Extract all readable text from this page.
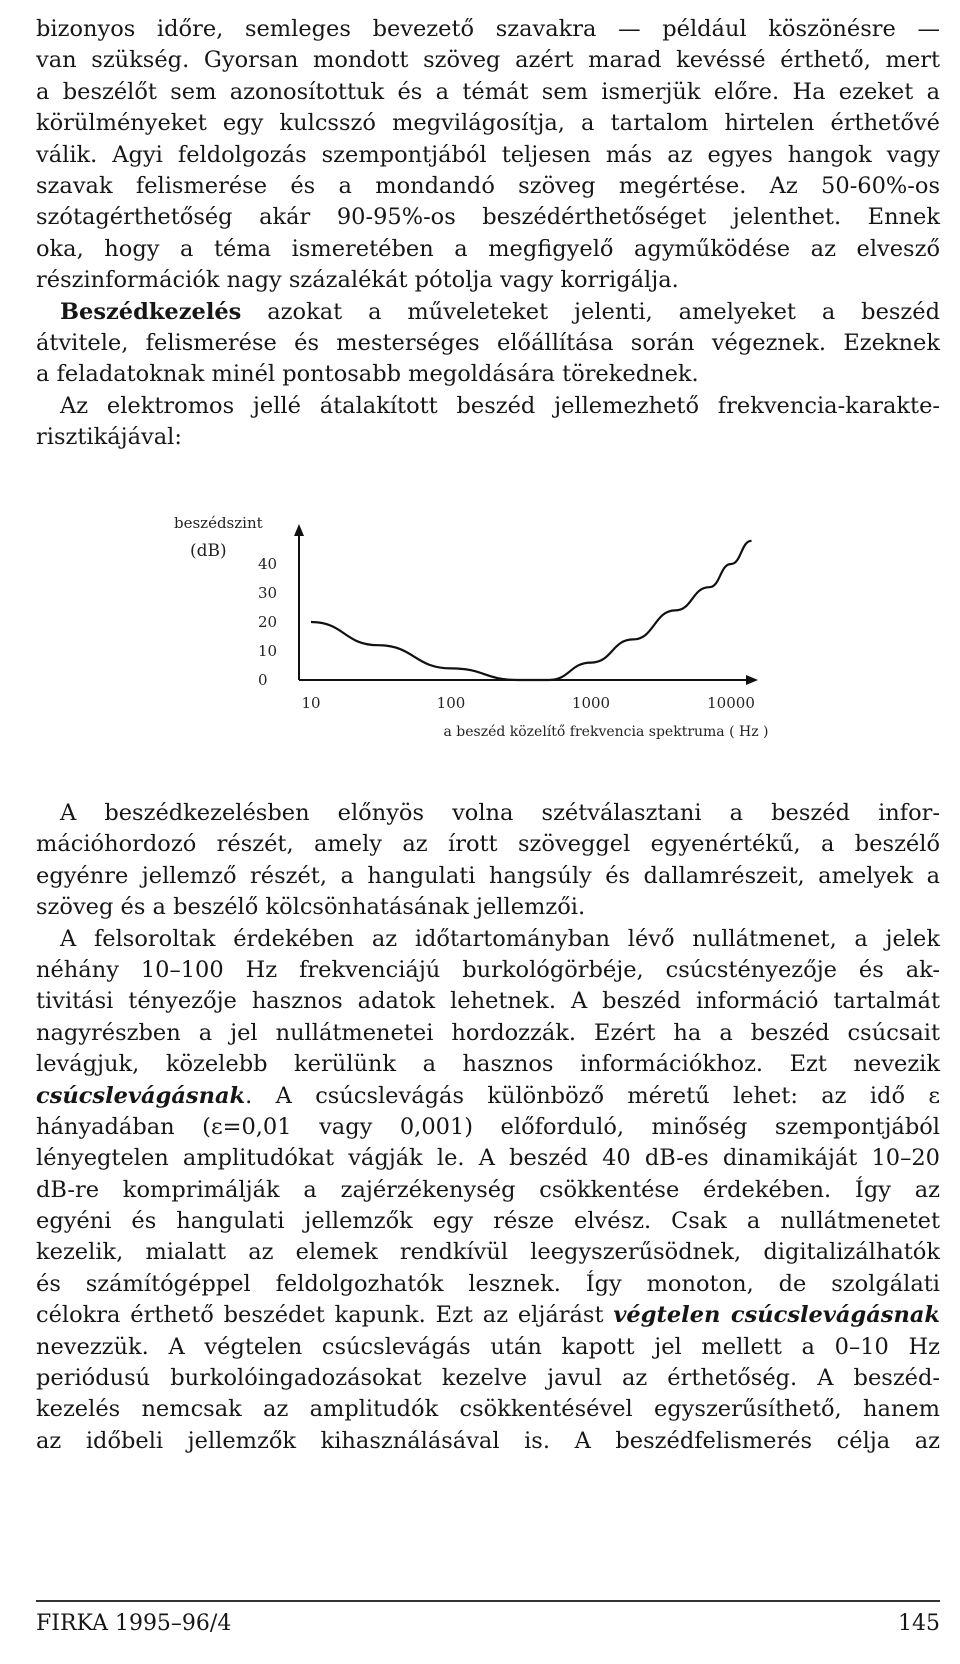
bizonyos időre, semleges bevezető szavakra — például köszönésre —
van szükség. Gyorsan mondott szöveg azért marad kevéssé érthető, mert
a beszélőt sem azonosítottuk és a témát sem ismerjük előre. Ha ezeket a
körülményeket egy kulcsszó megvilágosítja, a tartalom hirtelen érthetővé
válik. Agyi feldolgozás szempontjából teljesen más az egyes hangok vagy
szavak felismerése és a mondandó szöveg megértése. Az 50-60%-os
szótagérthetőség akár 90-95%-os beszédérthetőséget jelenthet. Ennek
oka, hogy a téma ismeretében a megfigyelő agyműködése az elvesző
részinformációk nagy százalékát pótolja vagy korrigálja.
Beszédkezelés azokat a műveleteket jelenti, amelyeket a beszéd
átvitele, felismerése és mesterséges előállítása során végeznek. Ezeknek
a feladatoknak minél pontosabb megoldására törekednek.
Az elektromos jellé átalakított beszéd jellemezhető frekvencia-karakte-
risztikájával:
beszédszint
(dB)
40
30
20
10
0
10	100	1000	10000
a beszéd közelítő frekvencia spektruma ( Hz )
A beszédkezelésben előnyös volna szétválasztani a beszéd infor-
mációhordozó részét, amely az írott szöveggel egyenértékű, a beszélő
egyénre jellemző részét, a hangulati hangsúly és dallamrészeit, amelyek a
szöveg és a beszélő kölcsönhatásának jellemzői.
A felsoroltak érdekében az időtartományban lévő nullátmenet, a jelek
néhány 10–100 Hz frekvenciájú burkológörbéje, csúcstényezője és ak-
tivitási tényezője hasznos adatok lehetnek. A beszéd információ tartalmát
nagyrészben a jel nullátmenetei hordozzák. Ezért ha a beszéd csúcsait
levágjuk, közelebb kerülünk a hasznos információkhoz. Ezt nevezik
csúcslevágásnak. A csúcslevágás különböző méretű lehet: az idő ε
hányadában (ε=0,01 vagy 0,001) előforduló, minőség szempontjából
lényegtelen amplitudókat vágják le. A beszéd 40 dB-es dinamikáját 10–20
dB-re komprimálják a zajérzékenység csökkentése érdekében. Így az
egyéni és hangulati jellemzők egy része elvész. Csak a nullátmenetet
kezelik, mialatt az elemek rendkívül leegyszerűsödnek, digitalizálhatók
és számítógéppel feldolgozhatók lesznek. Így monoton, de szolgálati
célokra érthető beszédet kapunk. Ezt az eljárást végtelen csúcslevágásnak
nevezzük. A végtelen csúcslevágás után kapott jel mellett a 0–10 Hz
periódusú burkolóingadozásokat kezelve javul az érthetőség. A beszéd-
kezelés nemcsak az amplitudók csökkentésével egyszerűsíthető, hanem
az időbeli jellemzők kihasználásával is. A beszédfelismerés célja az
FIRKA 1995–96/4	145
